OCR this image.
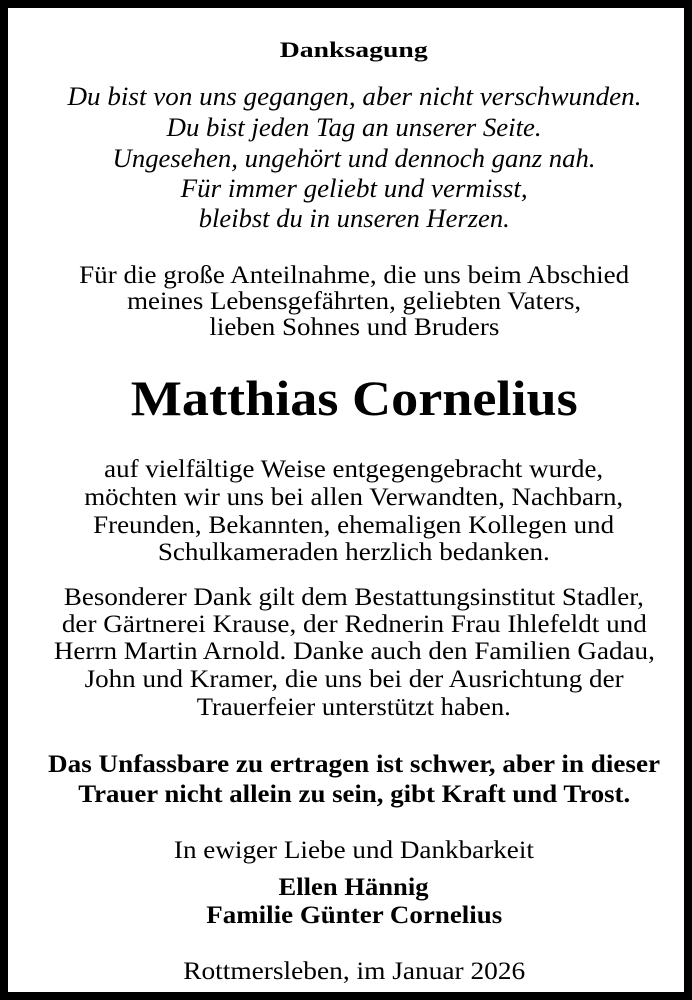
Danksagung
Du bist von uns gegangen, aber nicht verschwunden.
Du bist jeden Tag an unserer Seite.
Ungesehen, ungehört und dennoch ganz nah.
Für immer geliebt und vermisst,
bleibst du in unseren Herzen.
Für die große Anteilnahme, die uns beim Abschied
meines Lebensgefährten, geliebten Vaters,
lieben Sohnes und Bruders
Matthias Cornelius
auf vielfältige Weise entgegengebracht wurde,
möchten wir uns bei allen Verwandten, Nachbarn,
Freunden, Bekannten, ehemaligen Kollegen und
Schulkameraden herzlich bedanken.
Besonderer Dank gilt dem Bestattungsinstitut Stadler,
der Gärtnerei Krause, der Rednerin Frau Ihlefeldt und
Herrn Martin Arnold. Danke auch den Familien Gadau,
John und Kramer, die uns bei der Ausrichtung der
Trauerfeier unterstützt haben.
Das Unfassbare zu ertragen ist schwer, aber in dieser
Trauer nicht allein zu sein, gibt Kraft und Trost.
In ewiger Liebe und Dankbarkeit
Ellen Hännig
Familie Günter Cornelius
Rottmersleben, im Januar 2026
